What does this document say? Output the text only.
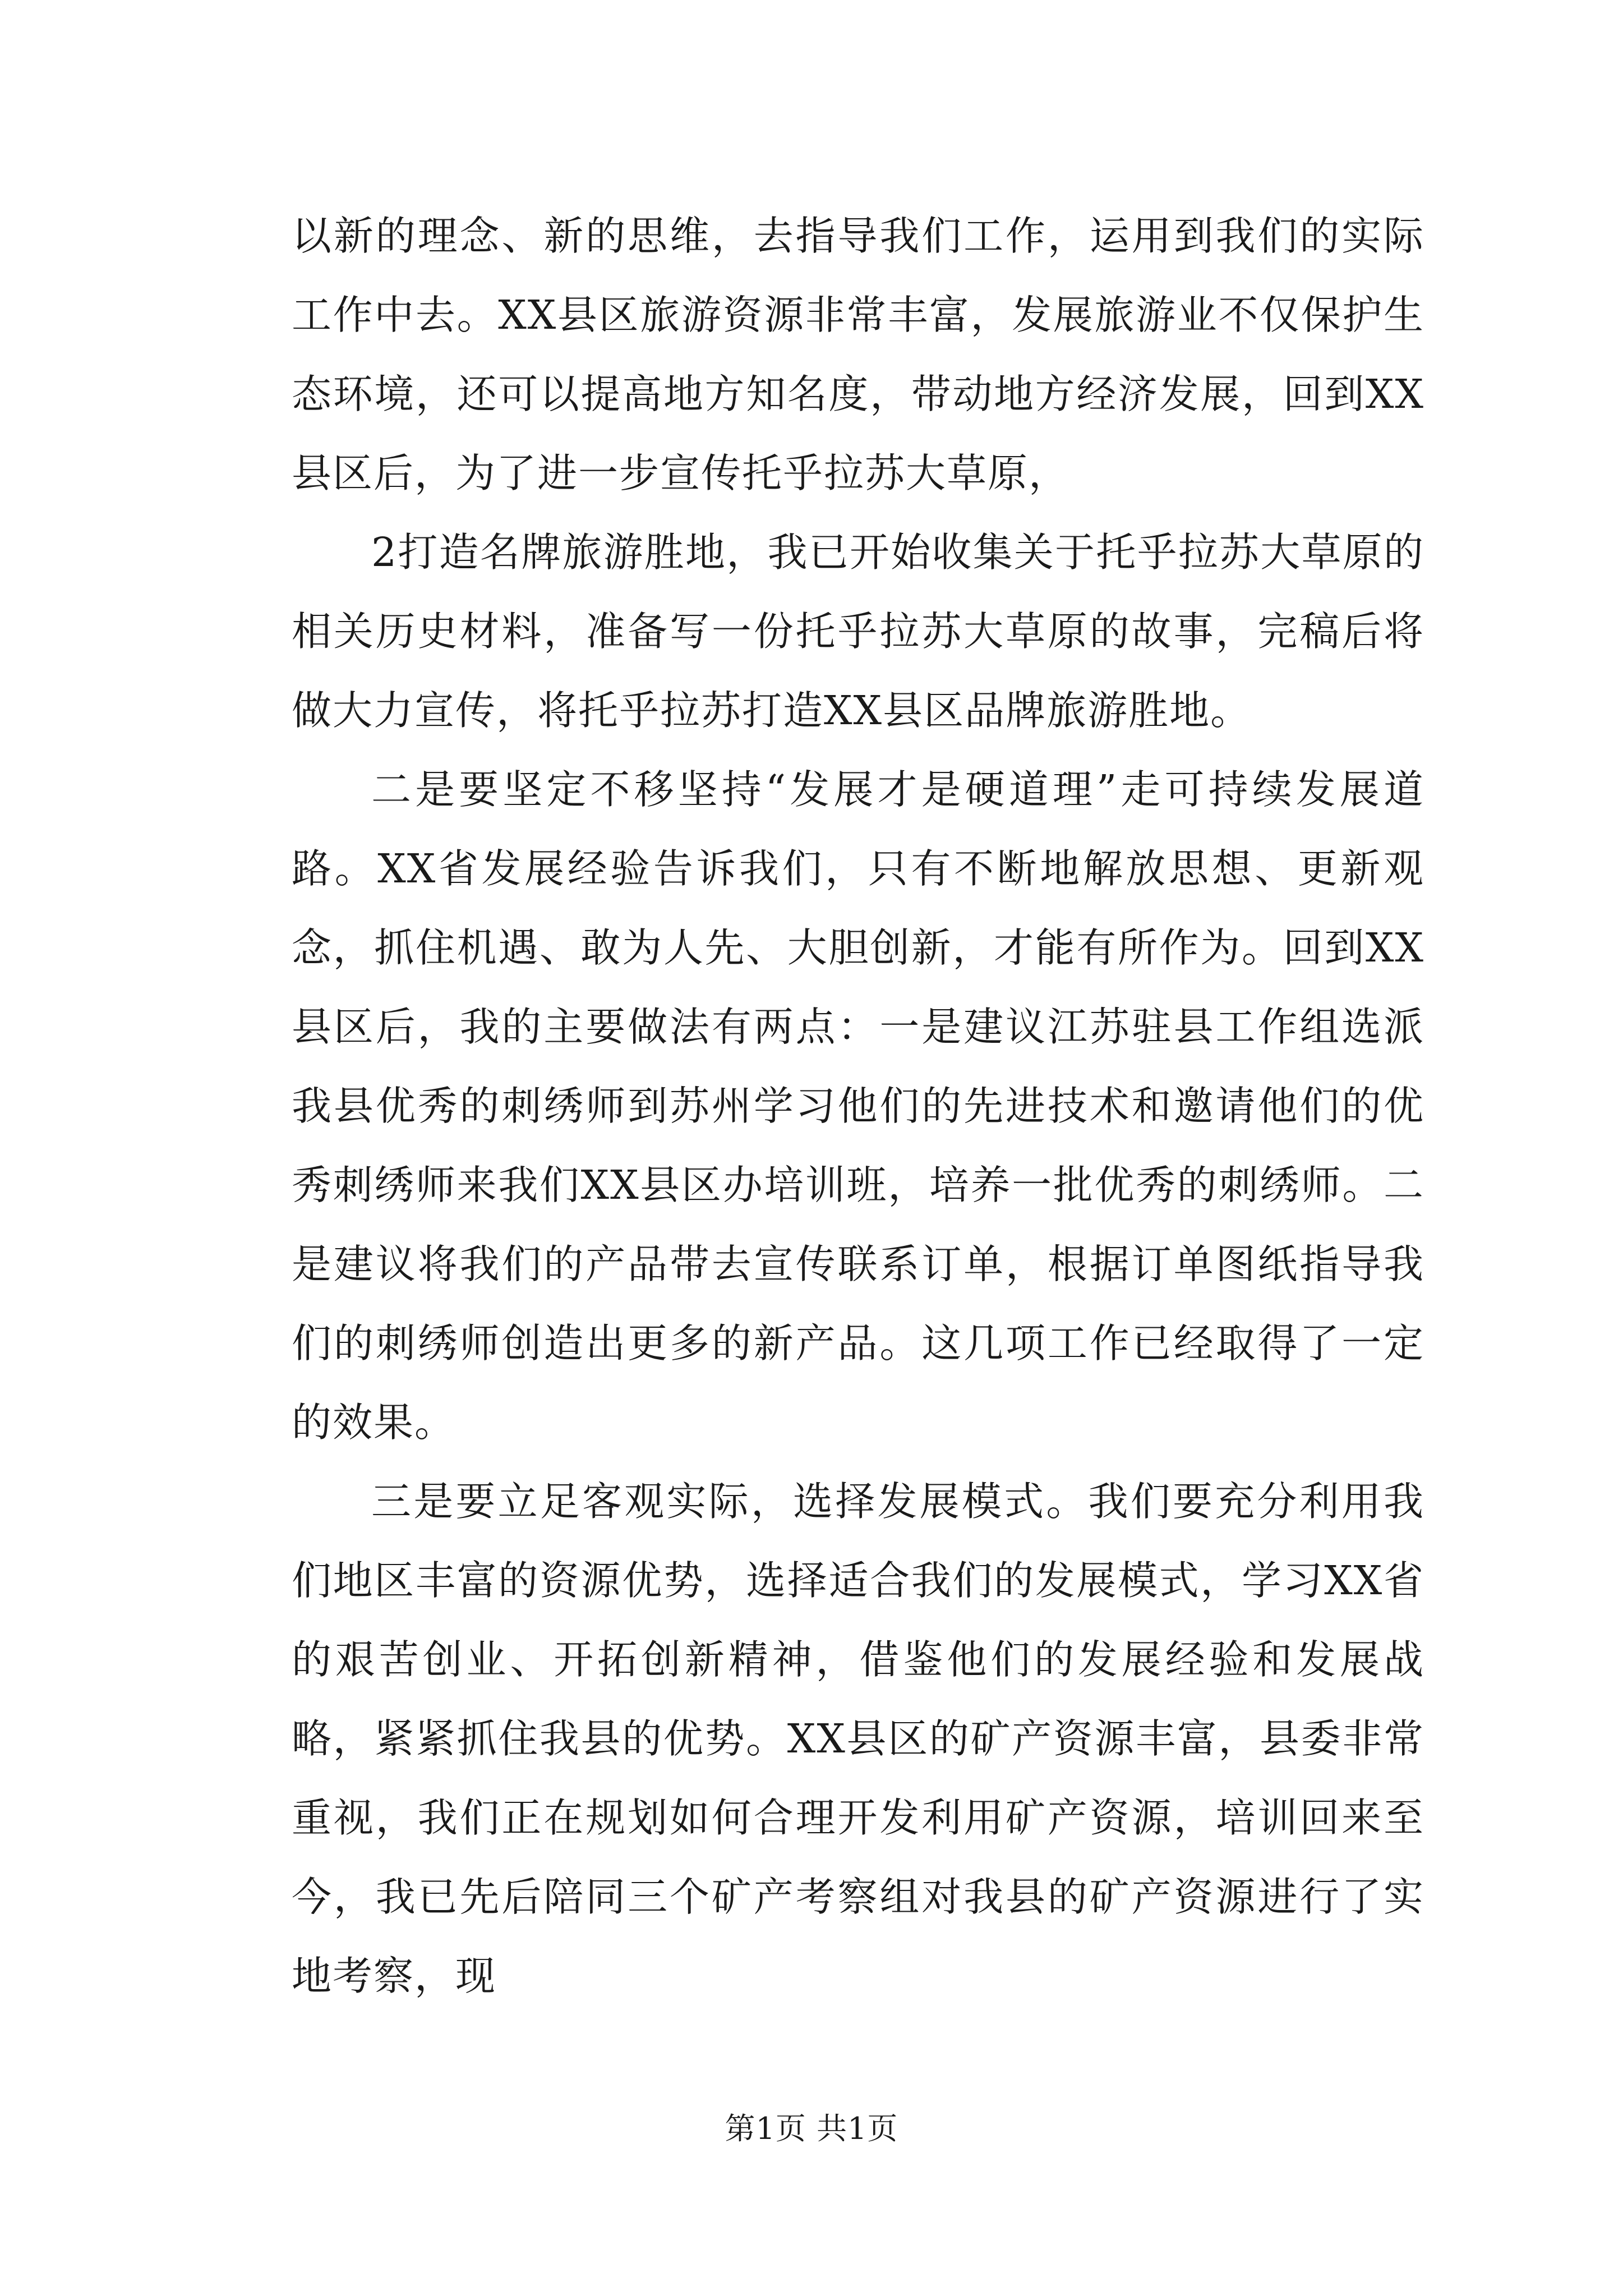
以新的理念、新的思维，去指导我们工作，运用到我们的实际工作中去。XX县区旅游资源非常丰富，发展旅游业不仅保护生态环境，还可以提高地方知名度，带动地方经济发展，回到XX县区后，为了进一步宣传托乎拉苏大草原，

2打造名牌旅游胜地，我已开始收集关于托乎拉苏大草原的相关历史材料，准备写一份托乎拉苏大草原的故事，完稿后将做大力宣传，将托乎拉苏打造XX县区品牌旅游胜地。

二是要坚定不移坚持“发展才是硬道理”走可持续发展道路。XX省发展经验告诉我们，只有不断地解放思想、更新观念，抓住机遇、敢为人先、大胆创新，才能有所作为。回到XX县区后，我的主要做法有两点：一是建议江苏驻县工作组选派我县优秀的刺绣师到苏州学习他们的先进技术和邀请他们的优秀刺绣师来我们XX县区办培训班，培养一批优秀的刺绣师。二是建议将我们的产品带去宣传联系订单，根据订单图纸指导我们的刺绣师创造出更多的新产品。这几项工作已经取得了一定的效果。

三是要立足客观实际，选择发展模式。我们要充分利用我们地区丰富的资源优势，选择适合我们的发展模式，学习XX省的艰苦创业、开拓创新精神，借鉴他们的发展经验和发展战略，紧紧抓住我县的优势。XX县区的矿产资源丰富，县委非常重视，我们正在规划如何合理开发利用矿产资源，培训回来至今，我已先后陪同三个矿产考察组对我县的矿产资源进行了实地考察，现

第1页 共1页
